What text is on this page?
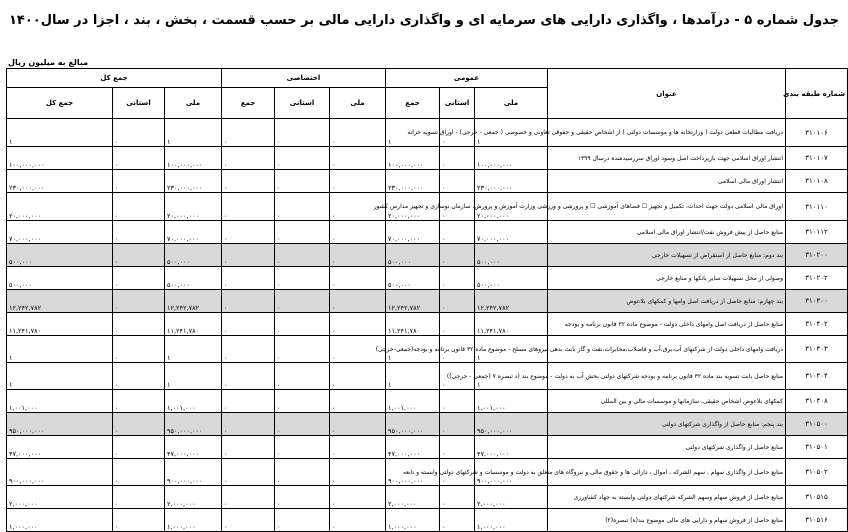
جدول شماره ۵ - درآمدها ، واگذاری دارایی های سرمایه ای و واگذاری دارایی مالی بر حسب قسمت ، بخش ، بند ، اجزا در سال۱۴۰۰
مبالغ به میلیون ریال
شماره طبقه بندی	عنوان	عمومی			اختصاصی			جمع کل		
		ملی	استانی	جمع	ملی	استانی	جمع	ملی	استانی	جمع کل
۳۱۰۱۰۶	دریافت مطالبات قطعی دولت ( وزارتخانه ها و موسسات دولتی ) از اشخاص حقیقی و حقوقی تعاونی و خصوصی ( جمعی - خرجی) - اوراق تسویه خزانه	۱	۰	۱	۰	۰	۰	۱	۰	۱
۳۱۰۱۰۷	انتشار اوراق اسلامی جهت بازپرداخت اصل وسود اوراق سررسیدشده درسال ۱۳۹۹	۱۰۰,۰۰۰,۰۰۰	۰	۱۰۰,۰۰۰,۰۰۰	۰	۰	۰	۱۰۰,۰۰۰,۰۰۰	۰	۱۰۰,۰۰۰,۰۰۰
۳۱۰۱۰۸	انتشار اوراق مالی اسلامی	۲۳۰,۰۰۰,۰۰۰	۰	۲۳۰,۰۰۰,۰۰۰	۰	۰	۰	۲۳۰,۰۰۰,۰۰۰	۰	۲۳۰,۰۰۰,۰۰۰
۳۱۰۱۱۰	اوراق مالی اسلامی دولت جهت احداث، تکمیل و تجهیز ☐ فضاهای آموزشی ☐ و پرورشی و ورزشی وزارت آموزش و پرورش، سازمان نوسازی و تجهیز مدارس کشور	۲۰,۰۰۰,۰۰۰	۰	۲۰,۰۰۰,۰۰۰	۰	۰	۰	۲۰,۰۰۰,۰۰۰	۰	۲۰,۰۰۰,۰۰۰
۳۱۰۱۱۲	منابع حاصل از پیش فروش نفت/انتشار اوراق مالی اسلامی	۷۰,۰۰۰,۰۰۰	۰	۷۰,۰۰۰,۰۰۰	۰	۰	۰	۷۰,۰۰۰,۰۰۰	۰	۷۰,۰۰۰,۰۰۰
۳۱۰۲۰۰	بند دوم: منابع حاصل از استقراض از تسهیلات خارجی	۵۰۰,۰۰۰	۰	۵۰۰,۰۰۰	۰	۰	۰	۵۰۰,۰۰۰	۰	۵۰۰,۰۰۰
۳۱۰۲۰۲	وصولی از محل تسهیلات سایر بانکها و منابع خارجی	۵۰۰,۰۰۰	۰	۵۰۰,۰۰۰	۰	۰	۰	۵۰۰,۰۰۰	۰	۵۰۰,۰۰۰
۳۱۰۴۰۰	بند چهارم: منابع حاصل از دریافت اصل وامها و کمکهای بلاعوض	۱۲,۲۴۲,۷۸۲	۰	۱۲,۲۴۲,۷۸۲	۰	۰	۰	۱۲,۲۴۲,۷۸۲	۰	۱۲,۲۴۲,۷۸۲
۳۱۰۴۰۲	منابع حاصل از دریافت اصل وامهای داخلی دولت - موضوع ماده ۳۲ قانون برنامه و بودجه	۱۱,۲۴۱,۷۸۰	۰	۱۱,۲۴۱,۷۸۰	۰	۰	۰	۱۱,۲۴۱,۷۸۰	۰	۱۱,۲۴۱,۷۸۰
۳۱۰۴۰۳	دریافت وامهای داخلی دولت از شرکتهای آب،برق،آب و فاضلاب،مخابرات،نفت و گاز بابت بدهی نیروهای مسلح - موضوع ماده ۳۲ قانون برنامه و بودجه(جمعی-خرجی)	۱	۰	۱	۰	۰	۰	۱	۰	۱
۳۱۰۴۰۴	منابع حاصل بابت تسویه بند ماده ۳۲ قانون برنامه و بودجه شرکتهای دولتی بخش آب به دولت - موضوع بند (د تبصره ۷ (جمعی - خرجی))	۱	۰	۱	۰	۰	۰	۱	۰	۱
۳۱۰۴۰۸	کمکهای بلاعوض اشخاص حقیقی، سازمانها و موسسات مالی و بین المللی	۱,۰۰۱,۰۰۰	۰	۱,۰۰۱,۰۰۰	۰	۰	۰	۱,۰۰۱,۰۰۰	۰	۱,۰۰۱,۰۰۰
۳۱۰۵۰۰	بند پنجم: منابع حاصل از واگذاری شرکتهای دولتی	۹۵۰,۰۰۰,۰۰۰	۰	۹۵۰,۰۰۰,۰۰۰	۰	۰	۰	۹۵۰,۰۰۰,۰۰۰	۰	۹۵۰,۰۰۰,۰۰۰
۳۱۰۵۰۱	منابع حاصل از واگذاری شرکتهای دولتی	۴۷,۰۰۰,۰۰۰	۰	۴۷,۰۰۰,۰۰۰	۰	۰	۰	۴۷,۰۰۰,۰۰۰	۰	۴۷,۰۰۰,۰۰۰
۳۱۰۵۰۲	منابع حاصل از واگذاری سهام ، سهم الشرکه ، اموال ، دارائی ها و حقوق مالی و نیروگاه های متعلق به دولت و موسسات و شرکتهای دولتی وابسته و تابعه	۹۰۰,۰۰۰,۰۰۰	۰	۹۰۰,۰۰۰,۰۰۰	۰	۰	۰	۹۰۰,۰۰۰,۰۰۰	۰	۹۰۰,۰۰۰,۰۰۰
۳۱۰۵۱۵	منابع حاصل از فروش سهام وسهم الشرکه شرکتهای دولتی وابسته به جهاد کشاورزی	۲,۰۰۰,۰۰۰	۰	۲,۰۰۰,۰۰۰	۰	۰	۰	۲,۰۰۰,۰۰۰	۰	۲,۰۰۰,۰۰۰
۳۱۰۵۱۶	منابع حاصل از فروش سهام و دارایی های مالی موضوع بند(ه) تبصره(۲)	۱,۰۰۰,۰۰۰	۰	۱,۰۰۰,۰۰۰	۰	۰	۰	۱,۰۰۰,۰۰۰	۰	۱,۰۰۰,۰۰۰
